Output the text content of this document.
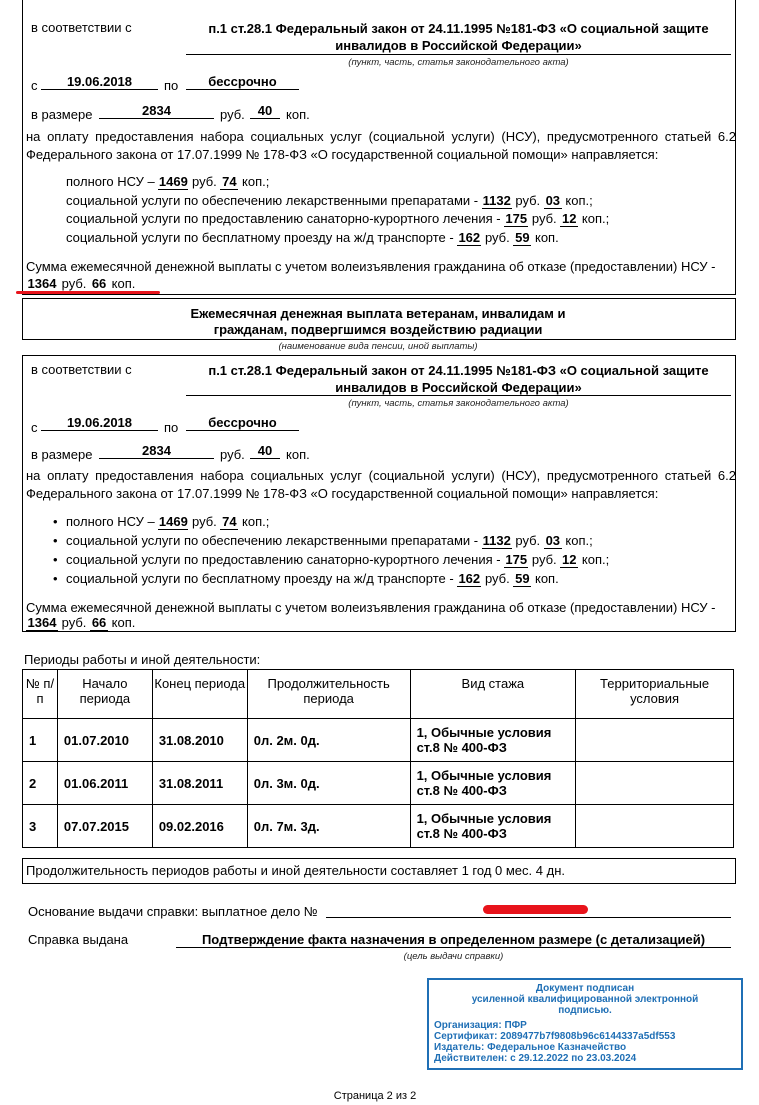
в соответствии с	п.1 ст.28.1 Федеральный закон от 24.11.1995 №181-ФЗ «О социальной защите инвалидов в Российской Федерации»
(пункт, часть, статья законодательного акта)
с	19.06.2018	по	бессрочно
в размере	2834	руб. 40	коп.
на оплату предоставления набора социальных услуг (социальной услуги) (НСУ), предусмотренного статьей 6.2 Федерального закона от 17.07.1999 № 178-ФЗ «О государственной социальной помощи» направляется:
полного НСУ – 1469 руб. 74 коп.;
социальной услуги по обеспечению лекарственными препаратами - 1132 руб. 03 коп.;
социальной услуги по предоставлению санаторно-курортного лечения - 175 руб. 12 коп.;
социальной услуги по бесплатному проезду на ж/д транспорте - 162 руб. 59 коп.
Сумма ежемесячной денежной выплаты с учетом волеизъявления гражданина об отказе (предоставлении) НСУ -
1364 руб. 66 коп.
Ежемесячная денежная выплата ветеранам, инвалидам и гражданам, подвергшимся воздействию радиации
(наименование вида пенсии, иной выплаты)
в соответствии с	п.1 ст.28.1 Федеральный закон от 24.11.1995 №181-ФЗ «О социальной защите инвалидов в Российской Федерации»
(пункт, часть, статья законодательного акта)
с	19.06.2018	по	бессрочно
в размере	2834	руб. 40	коп.
на оплату предоставления набора социальных услуг (социальной услуги) (НСУ), предусмотренного статьей 6.2 Федерального закона от 17.07.1999 № 178-ФЗ «О государственной социальной помощи» направляется:
• полного НСУ – 1469 руб. 74 коп.;
• социальной услуги по обеспечению лекарственными препаратами - 1132 руб. 03 коп.;
• социальной услуги по предоставлению санаторно-курортного лечения - 175 руб. 12 коп.;
• социальной услуги по бесплатному проезду на ж/д транспорте - 162 руб. 59 коп.
Сумма ежемесячной денежной выплаты с учетом волеизъявления гражданина об отказе (предоставлении) НСУ -
1364 руб. 66 коп.
Периоды работы и иной деятельности:
№ п/п	Начало периода	Конец периода	Продолжительность периода	Вид стажа	Территориальные условия
1	01.07.2010	31.08.2010	0л. 2м. 0д.	1, Обычные условия ст.8 № 400-ФЗ	
2	01.06.2011	31.08.2011	0л. 3м. 0д.	1, Обычные условия ст.8 № 400-ФЗ	
3	07.07.2015	09.02.2016	0л. 7м. 3д.	1, Обычные условия ст.8 № 400-ФЗ	
Продолжительность периодов работы и иной деятельности составляет 1 год 0 мес. 4 дн.
Основание выдачи справки: выплатное дело №
Справка выдана	Подтверждение факта назначения в определенном размере (с детализацией)
(цель выдачи справки)
Документ подписан
усиленной квалифицированной электронной
подписью.
Организация: ПФР
Сертификат: 2089477b7f9808b96c6144337a5df553
Издатель: Федеральное Казначейство
Действителен: с 29.12.2022 по 23.03.2024
Страница 2 из 2
